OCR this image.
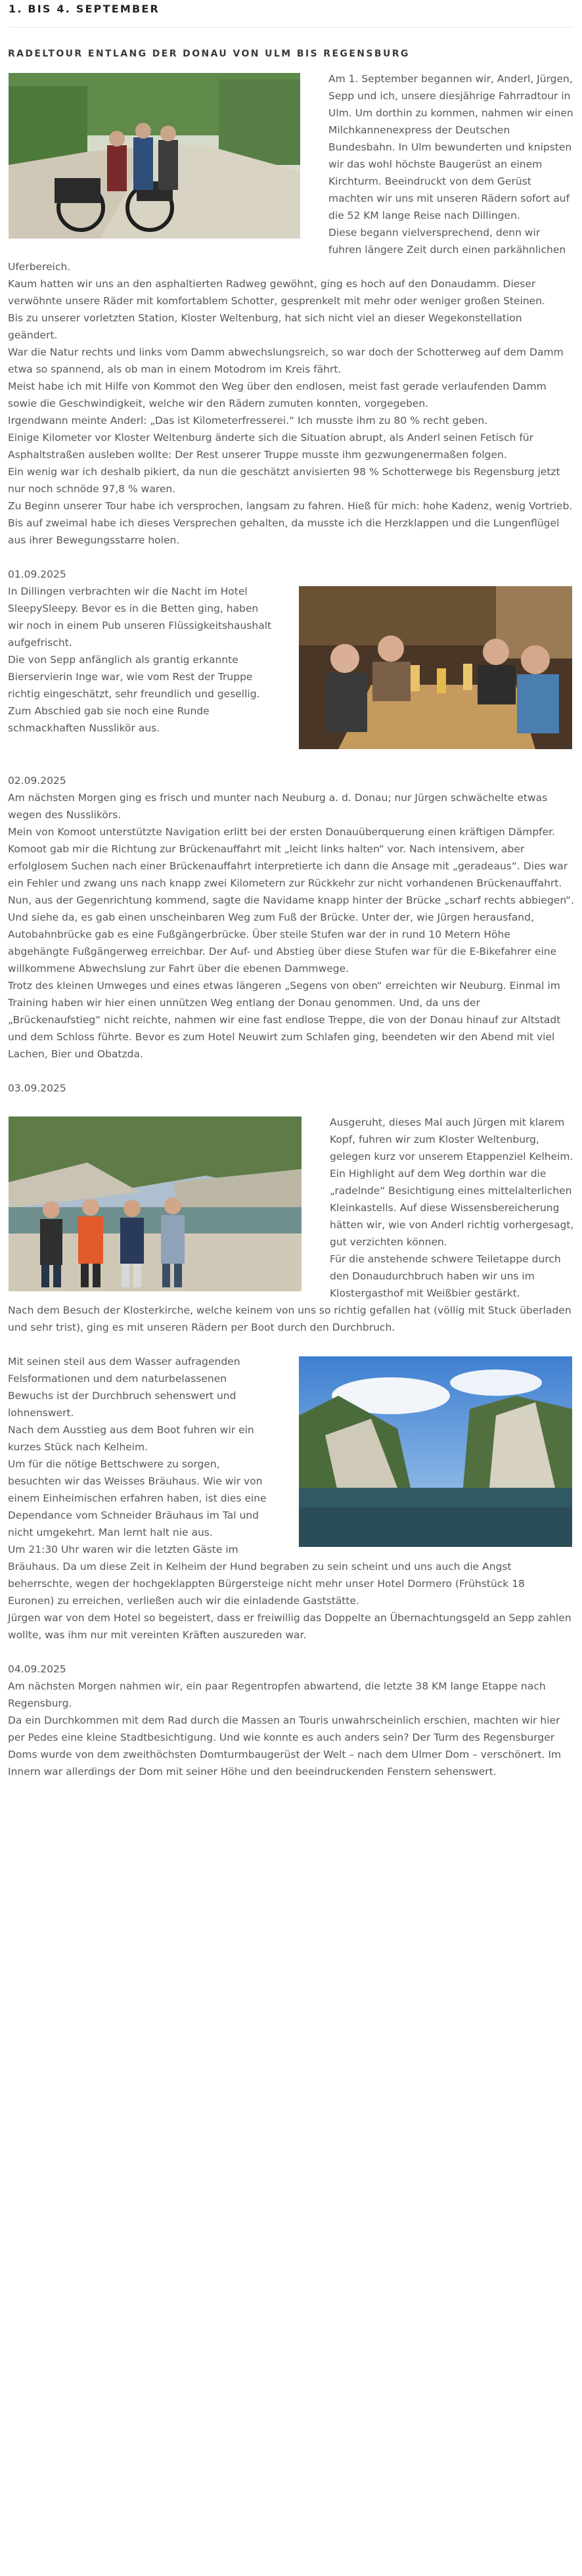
1. BIS 4. SEPTEMBER
RADELTOUR ENTLANG DER DONAU VON ULM BIS REGENSBURG

Am 1. September begannen wir, Anderl, Jürgen, Sepp und ich, unsere diesjährige Fahrradtour in Ulm. Um dorthin zu kommen, nahmen wir einen Milchkannenexpress der Deutschen Bundesbahn. In Ulm bewunderten und knipsten wir das wohl höchste Baugerüst an einem Kirchturm. Beeindruckt von dem Gerüst machten wir uns mit unseren Rädern sofort auf die 52 KM lange Reise nach Dillingen.

Diese begann vielversprechend, denn wir fuhren längere Zeit durch einen parkähnlichen Uferbereich.

Kaum hatten wir uns an den asphaltierten Radweg gewöhnt, ging es hoch auf den Donaudamm. Dieser verwöhnte unsere Räder mit komfortablem Schotter, gesprenkelt mit mehr oder weniger großen Steinen.

Bis zu unserer vorletzten Station, Kloster Weltenburg, hat sich nicht viel an dieser Wegekonstellation geändert.

War die Natur rechts und links vom Damm abwechslungsreich, so war doch der Schotterweg auf dem Damm etwa so spannend, als ob man in einem Motodrom im Kreis fährt.

Meist habe ich mit Hilfe von Kommot den Weg über den endlosen, meist fast gerade verlaufenden Damm sowie die Geschwindigkeit, welche wir den Rädern zumuten konnten, vorgegeben.

Irgendwann meinte Anderl: „Das ist Kilometerfresserei.“ Ich musste ihm zu 80 % recht geben.

Einige Kilometer vor Kloster Weltenburg änderte sich die Situation abrupt, als Anderl seinen Fetisch für Asphaltstraßen ausleben wollte: Der Rest unserer Truppe musste ihm gezwungenermaßen folgen.

Ein wenig war ich deshalb pikiert, da nun die geschätzt anvisierten 98 % Schotterwege bis Regensburg jetzt nur noch schnöde 97,8 % waren.

Zu Beginn unserer Tour habe ich versprochen, langsam zu fahren. Hieß für mich: hohe Kadenz, wenig Vortrieb. Bis auf zweimal habe ich dieses Versprechen gehalten, da musste ich die Herzklappen und die Lungenflügel aus ihrer Bewegungsstarre holen.

01.09.2025

In Dillingen verbrachten wir die Nacht im Hotel SleepySleepy. Bevor es in die Betten ging, haben wir noch in einem Pub unseren Flüssigkeitshaushalt aufgefrischt.

Die von Sepp anfänglich als grantig erkannte Bierservierin Inge war, wie vom Rest der Truppe richtig eingeschätzt, sehr freundlich und gesellig. Zum Abschied gab sie noch eine Runde schmackhaften Nusslikör aus.

02.09.2025

Am nächsten Morgen ging es frisch und munter nach Neuburg a. d. Donau; nur Jürgen schwächelte etwas wegen des Nusslikörs.

Mein von Komoot unterstützte Navigation erlitt bei der ersten Donauüberquerung einen kräftigen Dämpfer. Komoot gab mir die Richtung zur Brückenauffahrt mit „leicht links halten“ vor. Nach intensivem, aber erfolglosem Suchen nach einer Brückenauffahrt interpretierte ich dann die Ansage mit „geradeaus“. Dies war ein Fehler und zwang uns nach knapp zwei Kilometern zur Rückkehr zur nicht vorhandenen Brückenauffahrt.

Nun, aus der Gegenrichtung kommend, sagte die Navidame knapp hinter der Brücke „scharf rechts abbiegen“. Und siehe da, es gab einen unscheinbaren Weg zum Fuß der Brücke. Unter der, wie Jürgen herausfand, Autobahnbrücke gab es eine Fußgängerbrücke. Über steile Stufen war der in rund 10 Metern Höhe abgehängte Fußgängerweg erreichbar. Der Auf- und Abstieg über diese Stufen war für die E-Bikefahrer eine willkommene Abwechslung zur Fahrt über die ebenen Dammwege.

Trotz des kleinen Umweges und eines etwas längeren „Segens von oben“ erreichten wir Neuburg. Einmal im Training haben wir hier einen unnützen Weg entlang der Donau genommen. Und, da uns der „Brückenaufstieg“ nicht reichte, nahmen wir eine fast endlose Treppe, die von der Donau hinauf zur Altstadt und dem Schloss führte. Bevor es zum Hotel Neuwirt zum Schlafen ging, beendeten wir den Abend mit viel Lachen, Bier und Obatzda.

03.09.2025

Ausgeruht, dieses Mal auch Jürgen mit klarem Kopf, fuhren wir zum Kloster Weltenburg, gelegen kurz vor unserem Etappenziel Kelheim. Ein Highlight auf dem Weg dorthin war die „radelnde“ Besichtigung eines mittelalterlichen Kleinkastells. Auf diese Wissensbereicherung hätten wir, wie von Anderl richtig vorhergesagt, gut verzichten können.

Für die anstehende schwere Teiletappe durch den Donaudurchbruch haben wir uns im Klostergasthof mit Weißbier gestärkt.

Nach dem Besuch der Klosterkirche, welche keinem von uns so richtig gefallen hat (völlig mit Stuck überladen und sehr trist), ging es mit unseren Rädern per Boot durch den Durchbruch.

Mit seinen steil aus dem Wasser aufragenden Felsformationen und dem naturbelassenen Bewuchs ist der Durchbruch sehenswert und lohnenswert.

Nach dem Ausstieg aus dem Boot fuhren wir ein kurzes Stück nach Kelheim.

Um für die nötige Bettschwere zu sorgen, besuchten wir das Weisses Bräuhaus. Wie wir von einem Einheimischen erfahren haben, ist dies eine Dependance vom Schneider Bräuhaus im Tal und nicht umgekehrt. Man lernt halt nie aus.

Um 21:30 Uhr waren wir die letzten Gäste im Bräuhaus. Da um diese Zeit in Kelheim der Hund begraben zu sein scheint und uns auch die Angst beherrschte, wegen der hochgeklappten Bürgersteige nicht mehr unser Hotel Dormero (Frühstück 18 Euronen) zu erreichen, verließen auch wir die einladende Gaststätte.

Jürgen war von dem Hotel so begeistert, dass er freiwillig das Doppelte an Übernachtungsgeld an Sepp zahlen wollte, was ihm nur mit vereinten Kräften auszureden war.

04.09.2025

Am nächsten Morgen nahmen wir, ein paar Regentropfen abwartend, die letzte 38 KM lange Etappe nach Regensburg.

Da ein Durchkommen mit dem Rad durch die Massen an Touris unwahrscheinlich erschien, machten wir hier per Pedes eine kleine Stadtbesichtigung. Und wie konnte es auch anders sein? Der Turm des Regensburger Doms wurde von dem zweithöchsten Domturmbaugerüst der Welt – nach dem Ulmer Dom – verschönert. Im Innern war allerdings der Dom mit seiner Höhe und den beeindruckenden Fenstern sehenswert.
